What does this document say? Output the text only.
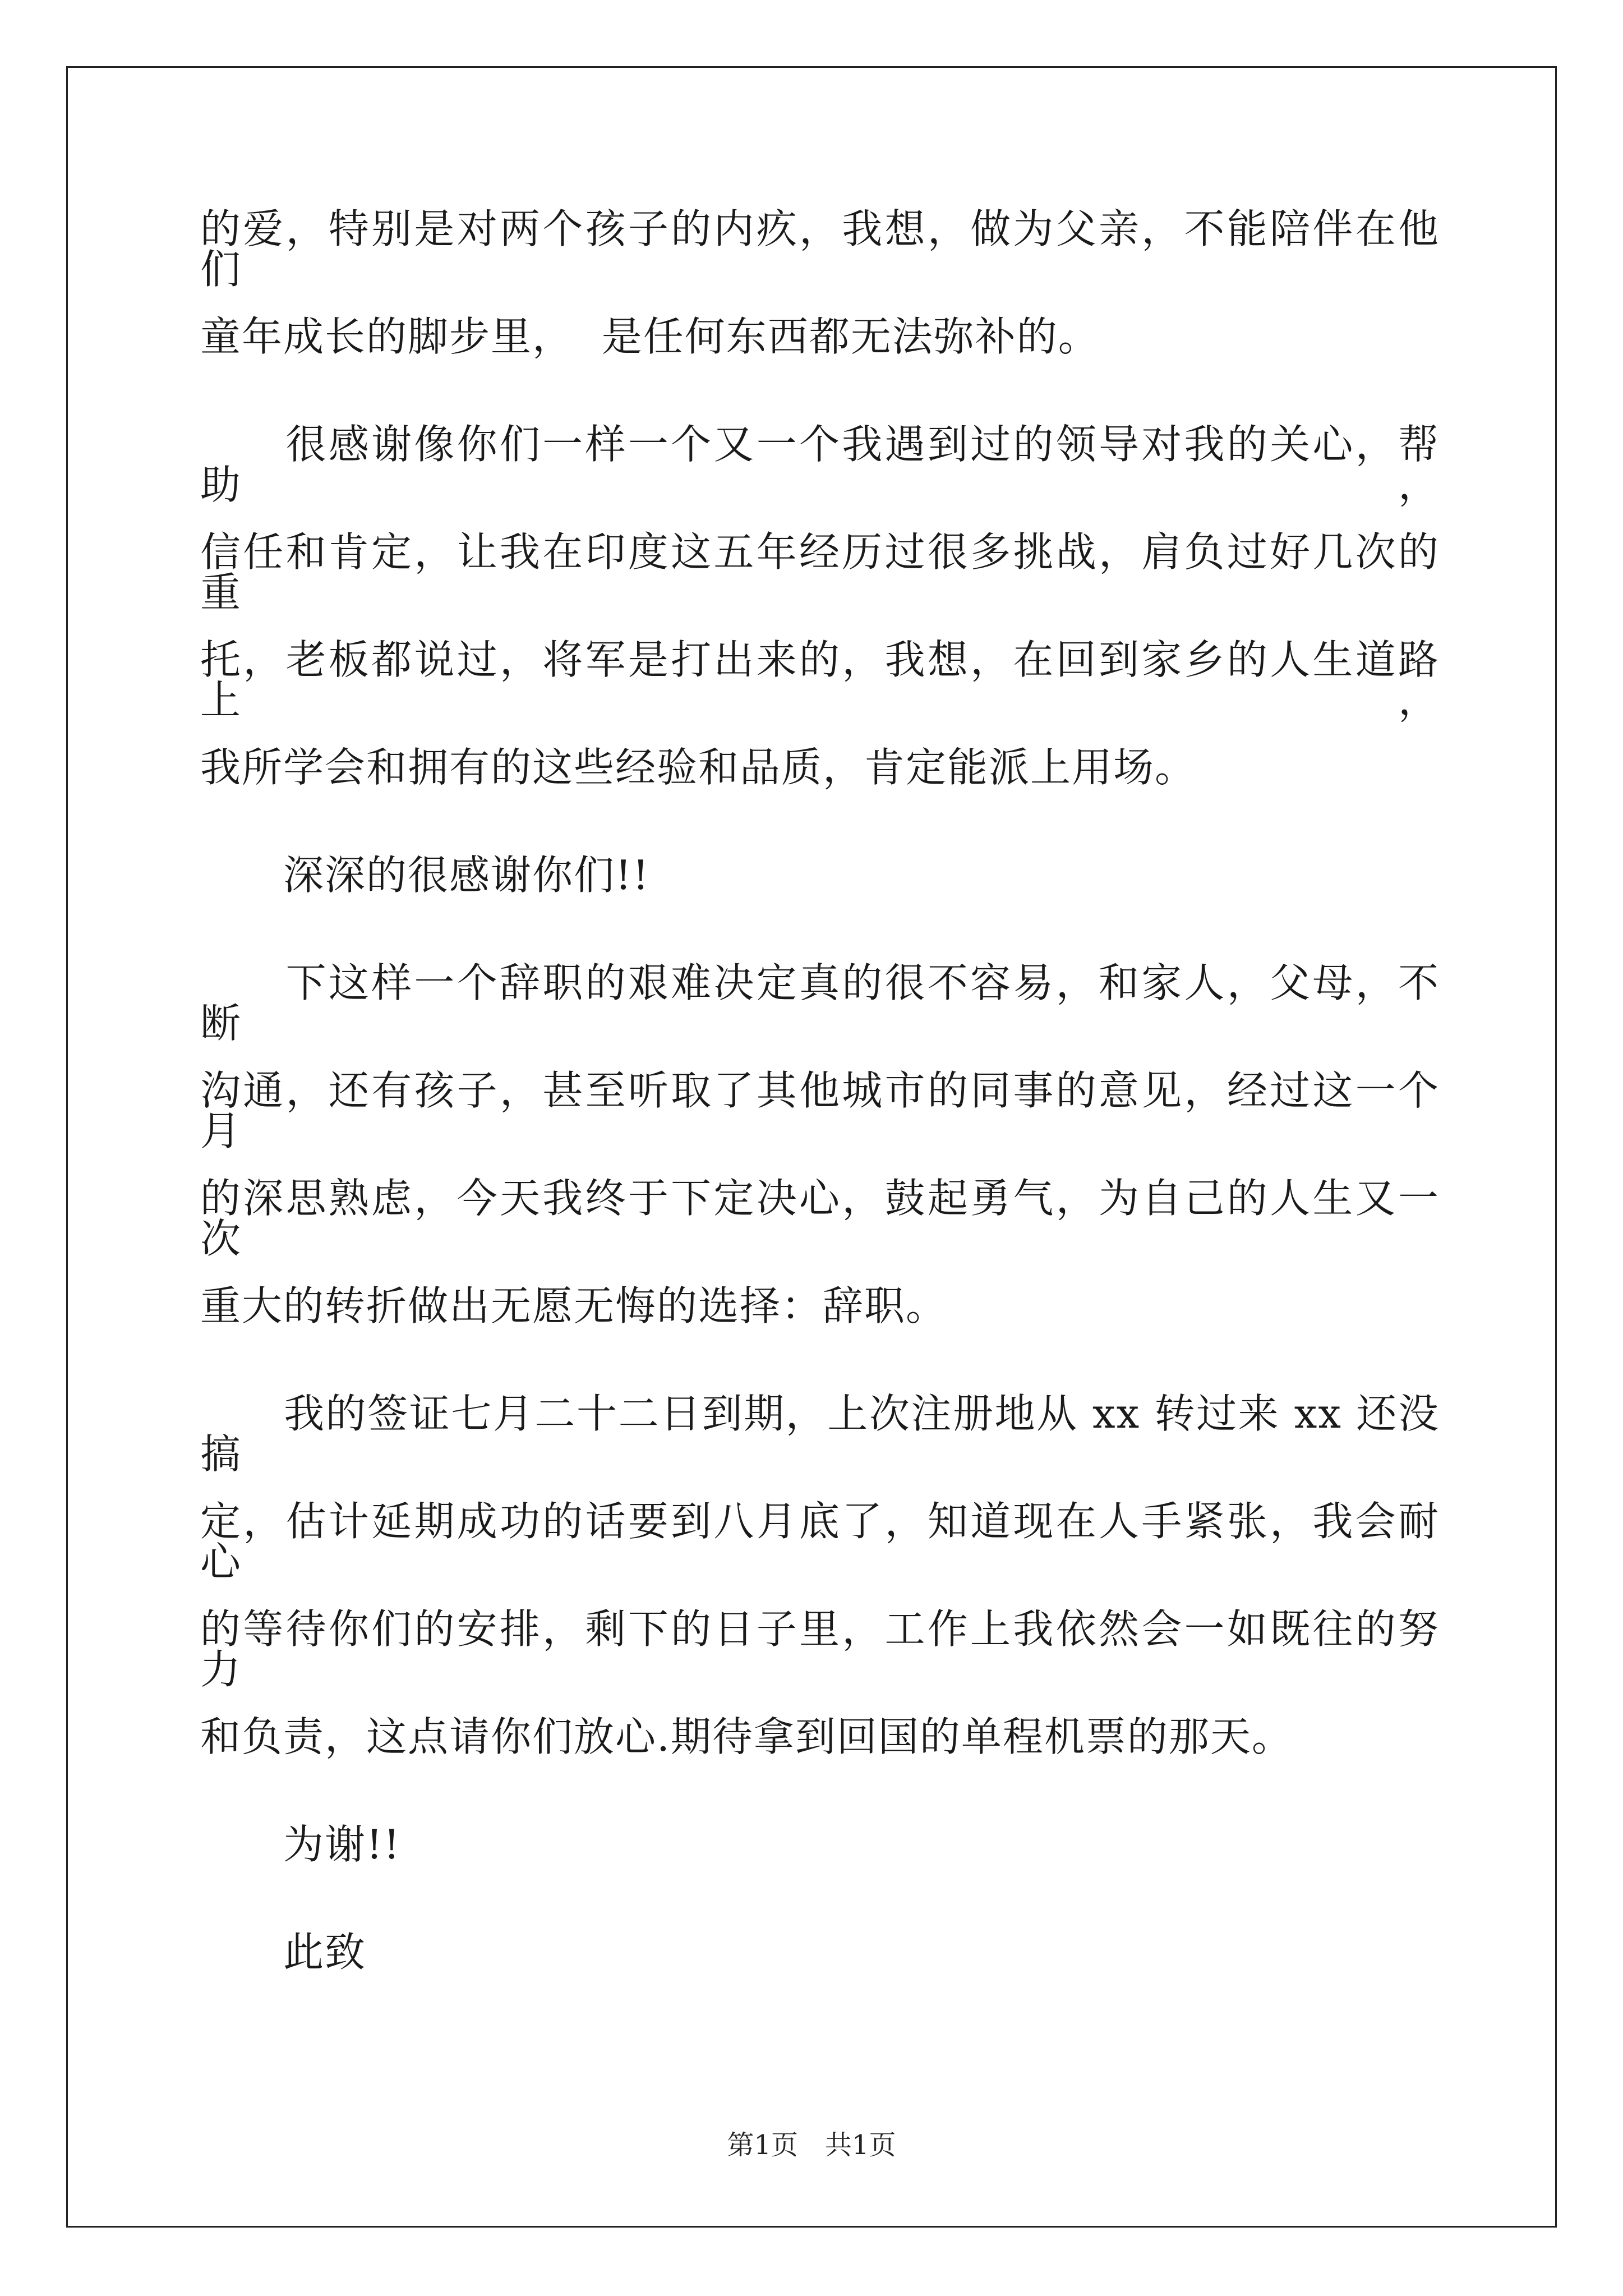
的爱，特别是对两个孩子的内疚，我想，做为父亲，不能陪伴在他们
童年成长的脚步里，  是任何东西都无法弥补的。
　　很感谢像你们一样一个又一个我遇到过的领导对我的关心，帮助，
信任和肯定，让我在印度这五年经历过很多挑战，肩负过好几次的重
托，老板都说过，将军是打出来的，我想，在回到家乡的人生道路上，
我所学会和拥有的这些经验和品质，肯定能派上用场。
　　深深的很感谢你们!!
　　下这样一个辞职的艰难决定真的很不容易，和家人，父母，不断
沟通，还有孩子，甚至听取了其他城市的同事的意见，经过这一个月
的深思熟虑，今天我终于下定决心，鼓起勇气，为自己的人生又一次
重大的转折做出无愿无悔的选择：辞职。
　　我的签证七月二十二日到期，上次注册地从 xx 转过来 xx 还没搞
定，估计延期成功的话要到八月底了，知道现在人手紧张，我会耐心
的等待你们的安排，剩下的日子里，工作上我依然会一如既往的努力
和负责，这点请你们放心.期待拿到回国的单程机票的那天。
　　为谢!!
　　此致
第1页　共1页
